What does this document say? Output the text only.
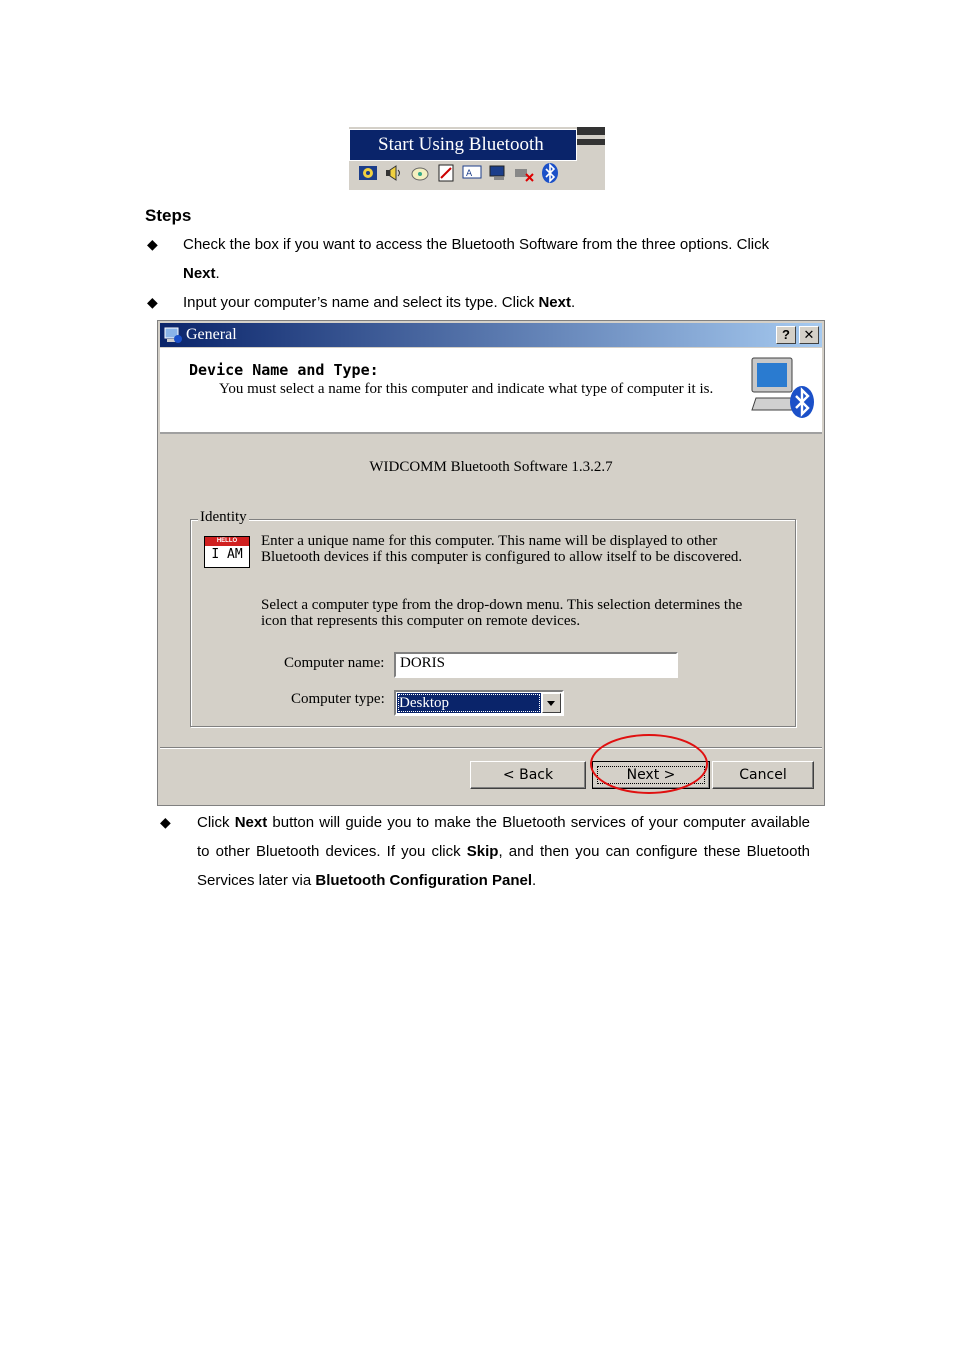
Start Using Bluetooth
A
Steps
◆ Check the box if you want to access the Bluetooth Software from the three options. Click
Next.
◆ Input your computer’s name and select its type. Click Next.
General	?	✕
Device Name and Type:
You must select a name for this computer and indicate what type of computer it is.
WIDCOMM Bluetooth Software 1.3.2.7
Identity
HELLO
I AM
Enter a unique name for this computer. This name will be displayed to other
Bluetooth devices if this computer is configured to allow itself to be discovered.
Select a computer type from the drop-down menu. This selection determines the
icon that represents this computer on remote devices.
Computer name:	DORIS
Computer type: Desktop
< Back	Next >	Cancel
◆ Click Next button will guide you to make the Bluetooth services of your computer available to other Bluetooth devices. If you click Skip, and then you can configure these Bluetooth Services later via Bluetooth Configuration Panel.
